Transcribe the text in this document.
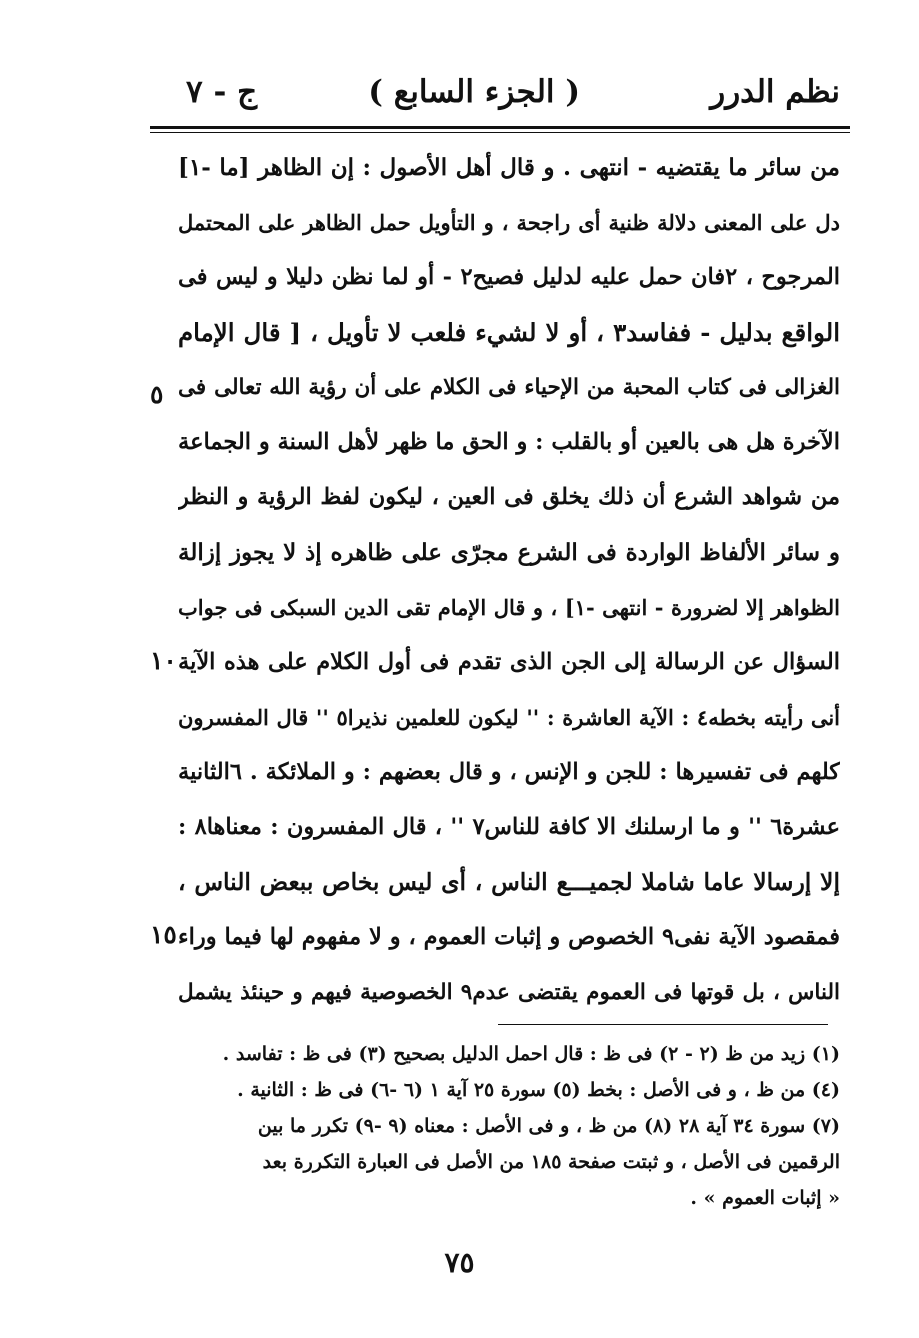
نظم الدرر
( الجزء السابع )
ج - ٧
من سائر ما يقتضيه - انتهى . و قال أهل الأصول : إن الظاهر [ما -١]
دل على المعنى دلالة ظنية أى راجحة ، و التأويل حمل الظاهر على المحتمل
المرجوح ، ٢فان حمل عليه لدليل فصيح٢ - أو لما نظن دليلا و ليس فى
الواقع بدليل - ففاسد٣ ، أو لا لشيء فلعب لا تأويل ، [ قال الإمام
الغزالى فى كتاب المحبة من الإحياء فى الكلام على أن رؤية الله تعالى فى
الآخرة هل هى بالعين أو بالقلب : و الحق ما ظهر لأهل السنة و الجماعة
من شواهد الشرع أن ذلك يخلق فى العين ، ليكون لفظ الرؤية و النظر
و سائر الألفاظ الواردة فى الشرع مجرّى على ظاهره إذ لا يجوز إزالة
الظواهر إلا لضرورة - انتهى -١] ، و قال الإمام تقى الدين السبكى فى جواب
السؤال عن الرسالة إلى الجن الذى تقدم فى أول الكلام على هذه الآية
أنى رأيته بخطه٤ : الآية العاشرة : '' ليكون للعلمين نذيرا٥ '' قال المفسرون
كلهم فى تفسيرها : للجن و الإنس ، و قال بعضهم : و الملائكة . ٦الثانية
عشرة٦ '' و ما ارسلنك الا كافة للناس٧ '' ، قال المفسرون : معناها٨ :
إلا إرسالا عاما شاملا لجميـــع الناس ، أى ليس بخاص ببعض الناس ،
فمقصود الآية نفى٩ الخصوص و إثبات العموم ، و لا مفهوم لها فيما وراء
الناس ، بل قوتها فى العموم يقتضى عدم٩ الخصوصية فيهم و حينئذ يشمل
٥
١٠
١٥
(١) زيد من ظ (٢ - ٢) فى ظ : قال احمل الدليل بصحيح (٣) فى ظ : تفاسد .
(٤) من ظ ، و فى الأصل : بخط (٥) سورة ٢٥ آية ١ (٦ -٦) فى ظ : الثانية .
(٧) سورة ٣٤ آية ٢٨ (٨) من ظ ، و فى الأصل : معناه (٩ -٩) تكرر ما بين
الرقمين فى الأصل ، و ثبتت صفحة ١٨٥ من الأصل فى العبارة التكررة بعد
« إثبات العموم » .
٧٥
